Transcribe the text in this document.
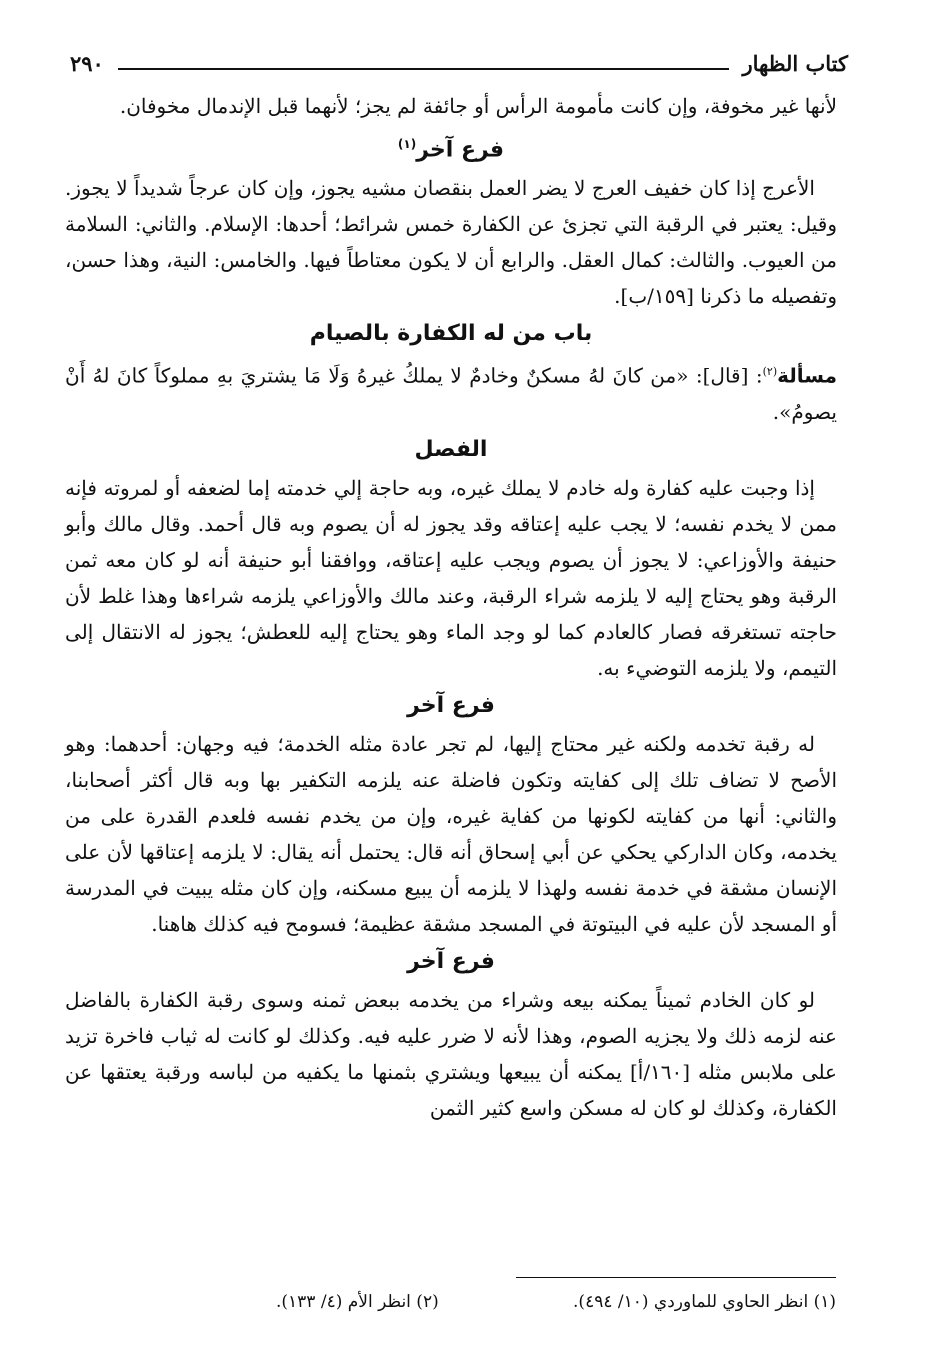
كتاب الظهار
٢٩٠

لأنها غير مخوفة، وإن كانت مأمومة الرأس أو جائفة لم يجز؛ لأنهما قبل الإندمال مخوفان.

فرع آخر$^{(١)}$

الأعرج إذا كان خفيف العرج لا يضر العمل بنقصان مشيه يجوز، وإن كان عرجاً شديداً لا يجوز. وقيل: يعتبر في الرقبة التي تجزئ عن الكفارة خمس شرائط؛ أحدها: الإسلام. والثاني: السلامة من العيوب. والثالث: كمال العقل. والرابع أن لا يكون معتاطاً فيها. والخامس: النية، وهذا حسن، وتفصيله ما ذكرنا [١٥٩/ب].

باب من له الكفارة بالصيام

مسألة$^{(٢)}$: [قال]: «من كانَ لهُ مسكنٌ وخادمٌ لا يملكُ غيرهُ وَلَا مَا يشتريَ بهِ مملوكاً كانَ لهُ أَنْ يصومُ».

الفصل

إذا وجبت عليه كفارة وله خادم لا يملك غيره، وبه حاجة إلي خدمته إما لضعفه أو لمروته فإنه ممن لا يخدم نفسه؛ لا يجب عليه إعتاقه وقد يجوز له أن يصوم وبه قال أحمد. وقال مالك وأبو حنيفة والأوزاعي: لا يجوز أن يصوم ويجب عليه إعتاقه، ووافقنا أبو حنيفة أنه لو كان معه ثمن الرقبة وهو يحتاج إليه لا يلزمه شراء الرقبة، وعند مالك والأوزاعي يلزمه شراءها وهذا غلط لأن حاجته تستغرقه فصار كالعادم كما لو وجد الماء وهو يحتاج إليه للعطش؛ يجوز له الانتقال إلى التيمم، ولا يلزمه التوضيء به.

فرع آخر

له رقبة تخدمه ولكنه غير محتاج إليها، لم تجر عادة مثله الخدمة؛ فيه وجهان: أحدهما: وهو الأصح لا تضاف تلك إلى كفايته وتكون فاضلة عنه يلزمه التكفير بها وبه قال أكثر أصحابنا، والثاني: أنها من كفايته لكونها من كفاية غيره، وإن من يخدم نفسه فلعدم القدرة على من يخدمه، وكان الداركي يحكي عن أبي إسحاق أنه قال: يحتمل أنه يقال: لا يلزمه إعتاقها لأن على الإنسان مشقة في خدمة نفسه ولهذا لا يلزمه أن يبيع مسكنه، وإن كان مثله يبيت في المدرسة أو المسجد لأن عليه في البيتوتة في المسجد مشقة عظيمة؛ فسومح فيه كذلك هاهنا.

فرع آخر

لو كان الخادم ثميناً يمكنه بيعه وشراء من يخدمه ببعض ثمنه وسوى رقبة الكفارة بالفاضل عنه لزمه ذلك ولا يجزيه الصوم، وهذا لأنه لا ضرر عليه فيه. وكذلك لو كانت له ثياب فاخرة تزيد على ملابس مثله [١٦٠/أ] يمكنه أن يبيعها ويشتري بثمنها ما يكفيه من لباسه ورقبة يعتقها عن الكفارة، وكذلك لو كان له مسكن واسع كثير الثمن

(١) انظر الحاوي للماوردي (١٠/ ٤٩٤).
(٢) انظر الأم (٤/ ١٣٣).
